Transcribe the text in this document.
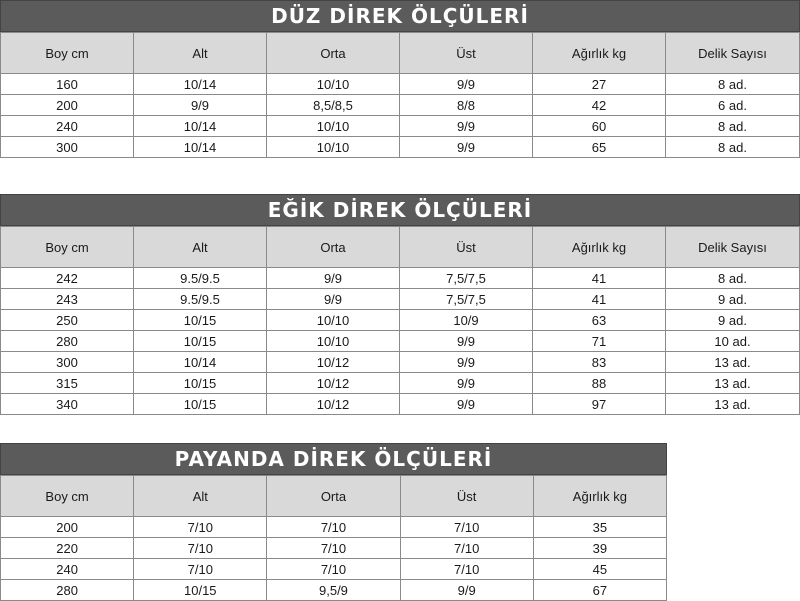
DÜZ DİREK ÖLÇÜLERİ
Boy cm	Alt	Orta	Üst	Ağırlık kg	Delik Sayısı
160	10/14	10/10	9/9	27	8 ad.
200	9/9	8,5/8,5	8/8	42	6 ad.
240	10/14	10/10	9/9	60	8 ad.
300	10/14	10/10	9/9	65	8 ad.
EĞİK DİREK ÖLÇÜLERİ
Boy cm	Alt	Orta	Üst	Ağırlık kg	Delik Sayısı
242	9.5/9.5	9/9	7,5/7,5	41	8 ad.
243	9.5/9.5	9/9	7,5/7,5	41	9 ad.
250	10/15	10/10	10/9	63	9 ad.
280	10/15	10/10	9/9	71	10 ad.
300	10/14	10/12	9/9	83	13 ad.
315	10/15	10/12	9/9	88	13 ad.
340	10/15	10/12	9/9	97	13 ad.
PAYANDA DİREK ÖLÇÜLERİ
Boy cm	Alt	Orta	Üst	Ağırlık kg
200	7/10	7/10	7/10	35
220	7/10	7/10	7/10	39
240	7/10	7/10	7/10	45
280	10/15	9,5/9	9/9	67
